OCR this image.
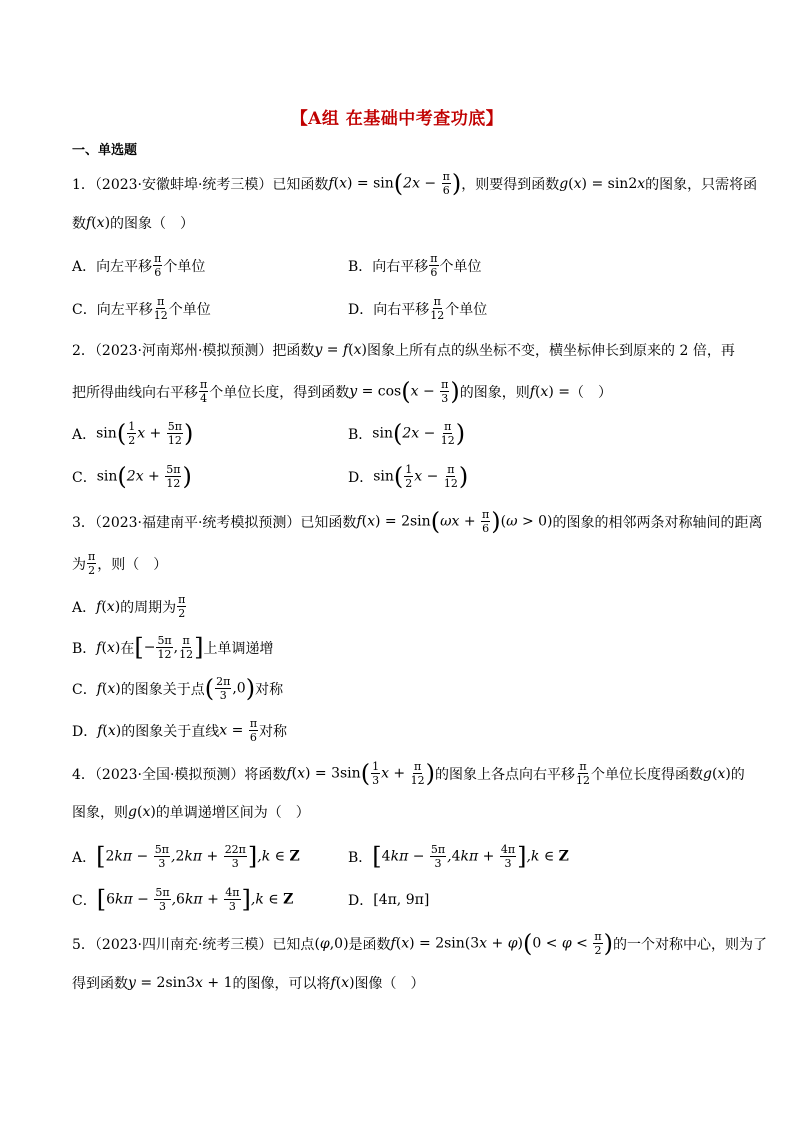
【A组 在基础中考查功底】
一、单选题
1．（2023·安徽蚌埠·统考三模）已知函数 $f(x) = \sin(2x - \frac{\pi}{6}$ ) ，则要得到函数 g(x) = sin2x 的图象，只需将函
数 f(x) 的图象（　）
A．向左平移 $\frac{\pi}{6}$ 个单位	B．向右平移 $\frac{\pi}{6}$ 个单位
C．向左平移 $\frac{\pi}{12}$ 个单位	D．向右平移 $\frac{\pi}{12}$ 个单位
2．（2023·河南郑州·模拟预测）把函数 y = f(x) 图象上所有点的纵坐标不变，横坐标伸长到原来的 2 倍，再
把所得曲线向右平移 $\frac{\pi}{4}$ 个单位长度，得到函数 $y = \cos(x - \frac{\pi}{3}$ ) 的图象，则 f(x) = （　）
A． $\sin( \frac{1}{2}$ $x + \frac{5\pi}{12}$ )	B． $\sin(2x - \frac{\pi}{12}$ )
C． $\sin(2x + \frac{5\pi}{12}$ )	D． $\sin( \frac{1}{2}$ $x - \frac{\pi}{12}$ )
3．（2023·福建南平·统考模拟预测）已知函数 $f(x) = 2\sin(\omega x + \frac{\pi}{6} )(\omega > 0)$ 的图象的相邻两条对称轴间的距离
为 $\frac{\pi}{2}$ ，则（　）
A． f(x) 的周期为 $\frac{\pi}{2}$
B． f(x) 在 [− $\frac{5\pi}{12}$ , $\frac{\pi}{12}$ ] 上单调递增
C． f(x) 的图象关于点 ( $\frac{2\pi}{3} ,0$) 对称
D． f(x) 的图象关于直线 $x = \frac{\pi}{6}$ 对称
4．（2023·全国·模拟预测）将函数 $f(x) = 3\sin( \frac{1}{3}$ $x + \frac{\pi}{12}$ ) 的图象上各点向右平移 $\frac{\pi}{12}$ 个单位长度得函数 g(x) 的
图象，则 g(x) 的单调递增区间为（　）
A． $[2k\pi - \frac{5\pi}{3} ,2k\pi + \frac{22\pi}{3} ],k$ ∈ Z	B． $[4k\pi - \frac{5\pi}{3} ,4k\pi + \frac{4\pi}{3} ],k$ ∈ Z
C． $[6k\pi - \frac{5\pi}{3} ,6k\pi + \frac{4\pi}{3} ],k$ ∈ Z	D． [4π, 9π]
5．（2023·四川南充·统考三模）已知点 (φ,0) 是函数 $f(x) = 2\sin(3x + \varphi)(0 < \varphi < \frac{\pi}{2}$ ) 的一个对称中心，则为了
得到函数 y = 2sin3x + 1 的图像，可以将 f(x) 图像（　）
